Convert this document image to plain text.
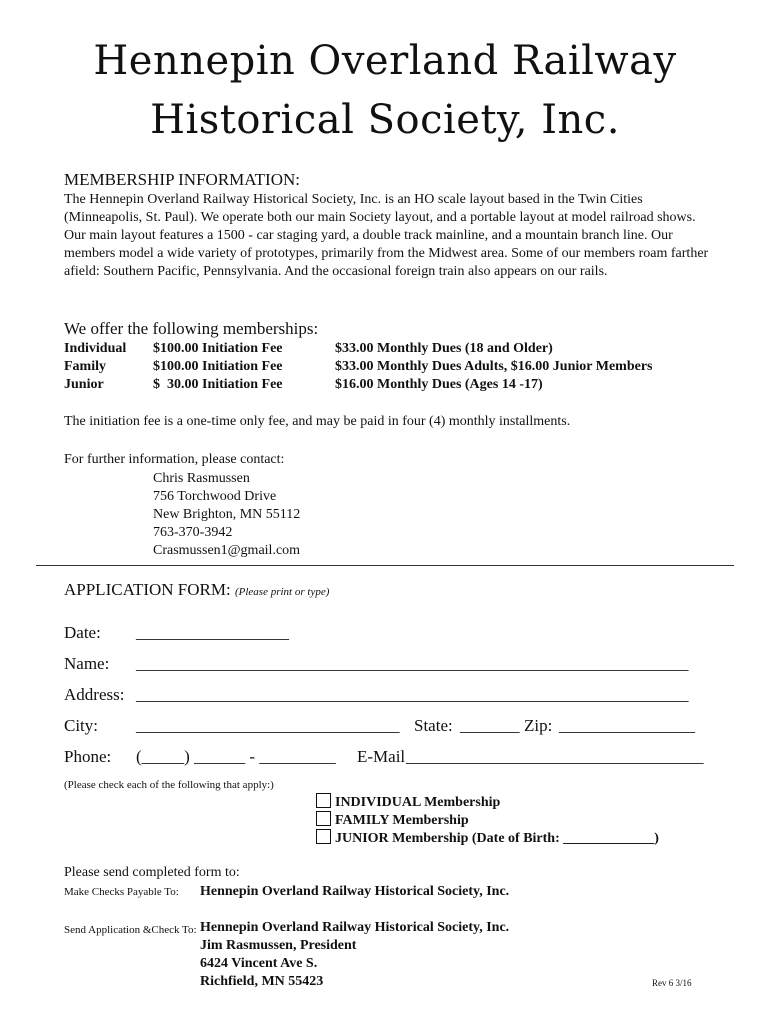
Hennepin Overland Railway
Historical Society, Inc.
MEMBERSHIP INFORMATION:
The Hennepin Overland Railway Historical Society, Inc. is an HO scale layout based in the Twin Cities (Minneapolis, St. Paul). We operate both our main Society layout, and a portable layout at model railroad shows. Our main layout features a 1500 - car staging yard, a double track mainline, and a mountain branch line. Our members model a wide variety of prototypes, primarily from the Midwest area. Some of our members roam farther afield: Southern Pacific, Pennsylvania. And the occasional foreign train also appears on our rails.
We offer the following memberships:
Individual $100.00 Initiation Fee	$33.00 Monthly Dues (18 and Older)
Family	$100.00 Initiation Fee	$33.00 Monthly Dues Adults, $16.00 Junior Members
Junior	$  30.00 Initiation Fee	$16.00 Monthly Dues (Ages 14 -17)
The initiation fee is a one-time only fee, and may be paid in four (4) monthly installments.
For further information, please contact:
Chris Rasmussen
756 Torchwood Drive
New Brighton, MN 55112
763-370-3942
Crasmussen1@gmail.com
APPLICATION FORM: (Please print or type)
Date: __________________
Name: _________________________________________________________________
Address: _________________________________________________________________
City: _______________________________ State: _______ Zip: ________________
Phone: (_____) ______ - _________ E-Mail ___________________________________
(Please check each of the following that apply:)
INDIVIDUAL Membership
FAMILY Membership
JUNIOR Membership (Date of Birth: _____________)
Please send completed form to:
Make Checks Payable To: Hennepin Overland Railway Historical Society, Inc.
Send Application &Check To: Hennepin Overland Railway Historical Society, Inc.
Jim Rasmussen, President
6424 Vincent Ave S.
Richfield, MN 55423	Rev 6 3/16
